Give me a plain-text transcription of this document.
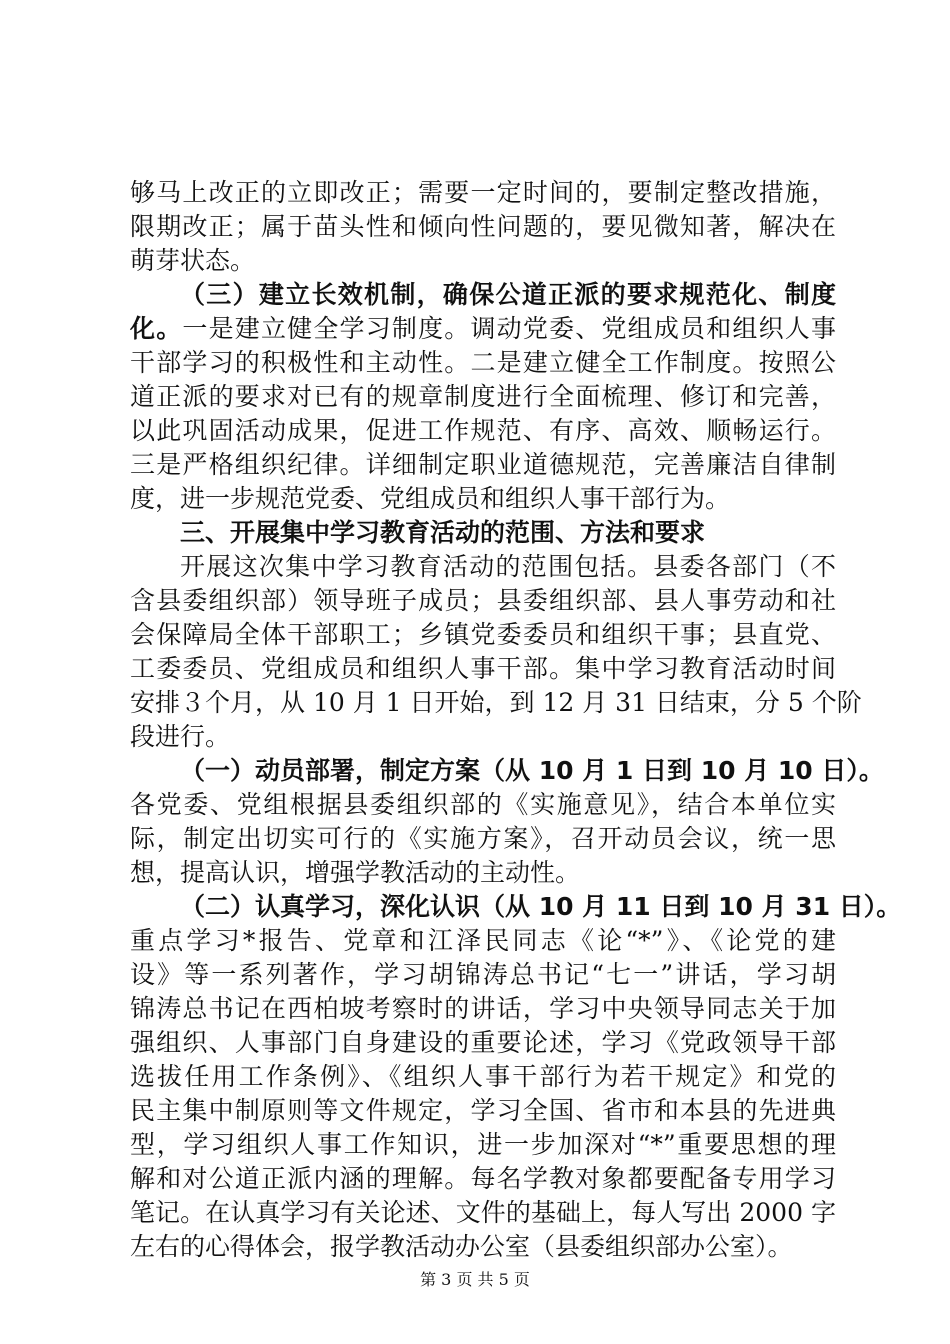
够马上改正的立即改正；需要一定时间的，要制定整改措施，
限期改正；属于苗头性和倾向性问题的，要见微知著，解决在
萌芽状态。
（三）建立长效机制，确保公道正派的要求规范化、制度
化。一是建立健全学习制度。调动党委、党组成员和组织人事
干部学习的积极性和主动性。二是建立健全工作制度。按照公
道正派的要求对已有的规章制度进行全面梳理、修订和完善，
以此巩固活动成果，促进工作规范、有序、高效、顺畅运行。
三是严格组织纪律。详细制定职业道德规范，完善廉洁自律制
度，进一步规范党委、党组成员和组织人事干部行为。
三、开展集中学习教育活动的范围、方法和要求
开展这次集中学习教育活动的范围包括。县委各部门（不
含县委组织部）领导班子成员；县委组织部、县人事劳动和社
会保障局全体干部职工；乡镇党委委员和组织干事；县直党、
工委委员、党组成员和组织人事干部。集中学习教育活动时间
安排３个月，从 10 月 1 日开始，到 12 月 31 日结束，分 5 个阶
段进行。
（一）动员部署，制定方案（从 10 月 1 日到 10 月 10 日）。
各党委、党组根据县委组织部的《实施意见》，结合本单位实
际，制定出切实可行的《实施方案》，召开动员会议，统一思
想，提高认识，增强学教活动的主动性。
（二）认真学习，深化认识（从 10 月 11 日到 10 月 31 日）。
重点学习*报告、党章和江泽民同志《论“*”》、《论党的建
设》等一系列著作，学习胡锦涛总书记“七一”讲话，学习胡
锦涛总书记在西柏坡考察时的讲话，学习中央领导同志关于加
强组织、人事部门自身建设的重要论述，学习《党政领导干部
选拔任用工作条例》、《组织人事干部行为若干规定》和党的
民主集中制原则等文件规定，学习全国、省市和本县的先进典
型，学习组织人事工作知识，进一步加深对“*”重要思想的理
解和对公道正派内涵的理解。每名学教对象都要配备专用学习
笔记。在认真学习有关论述、文件的基础上，每人写出 2000 字
左右的心得体会，报学教活动办公室（县委组织部办公室）。
第 3 页 共 5 页
